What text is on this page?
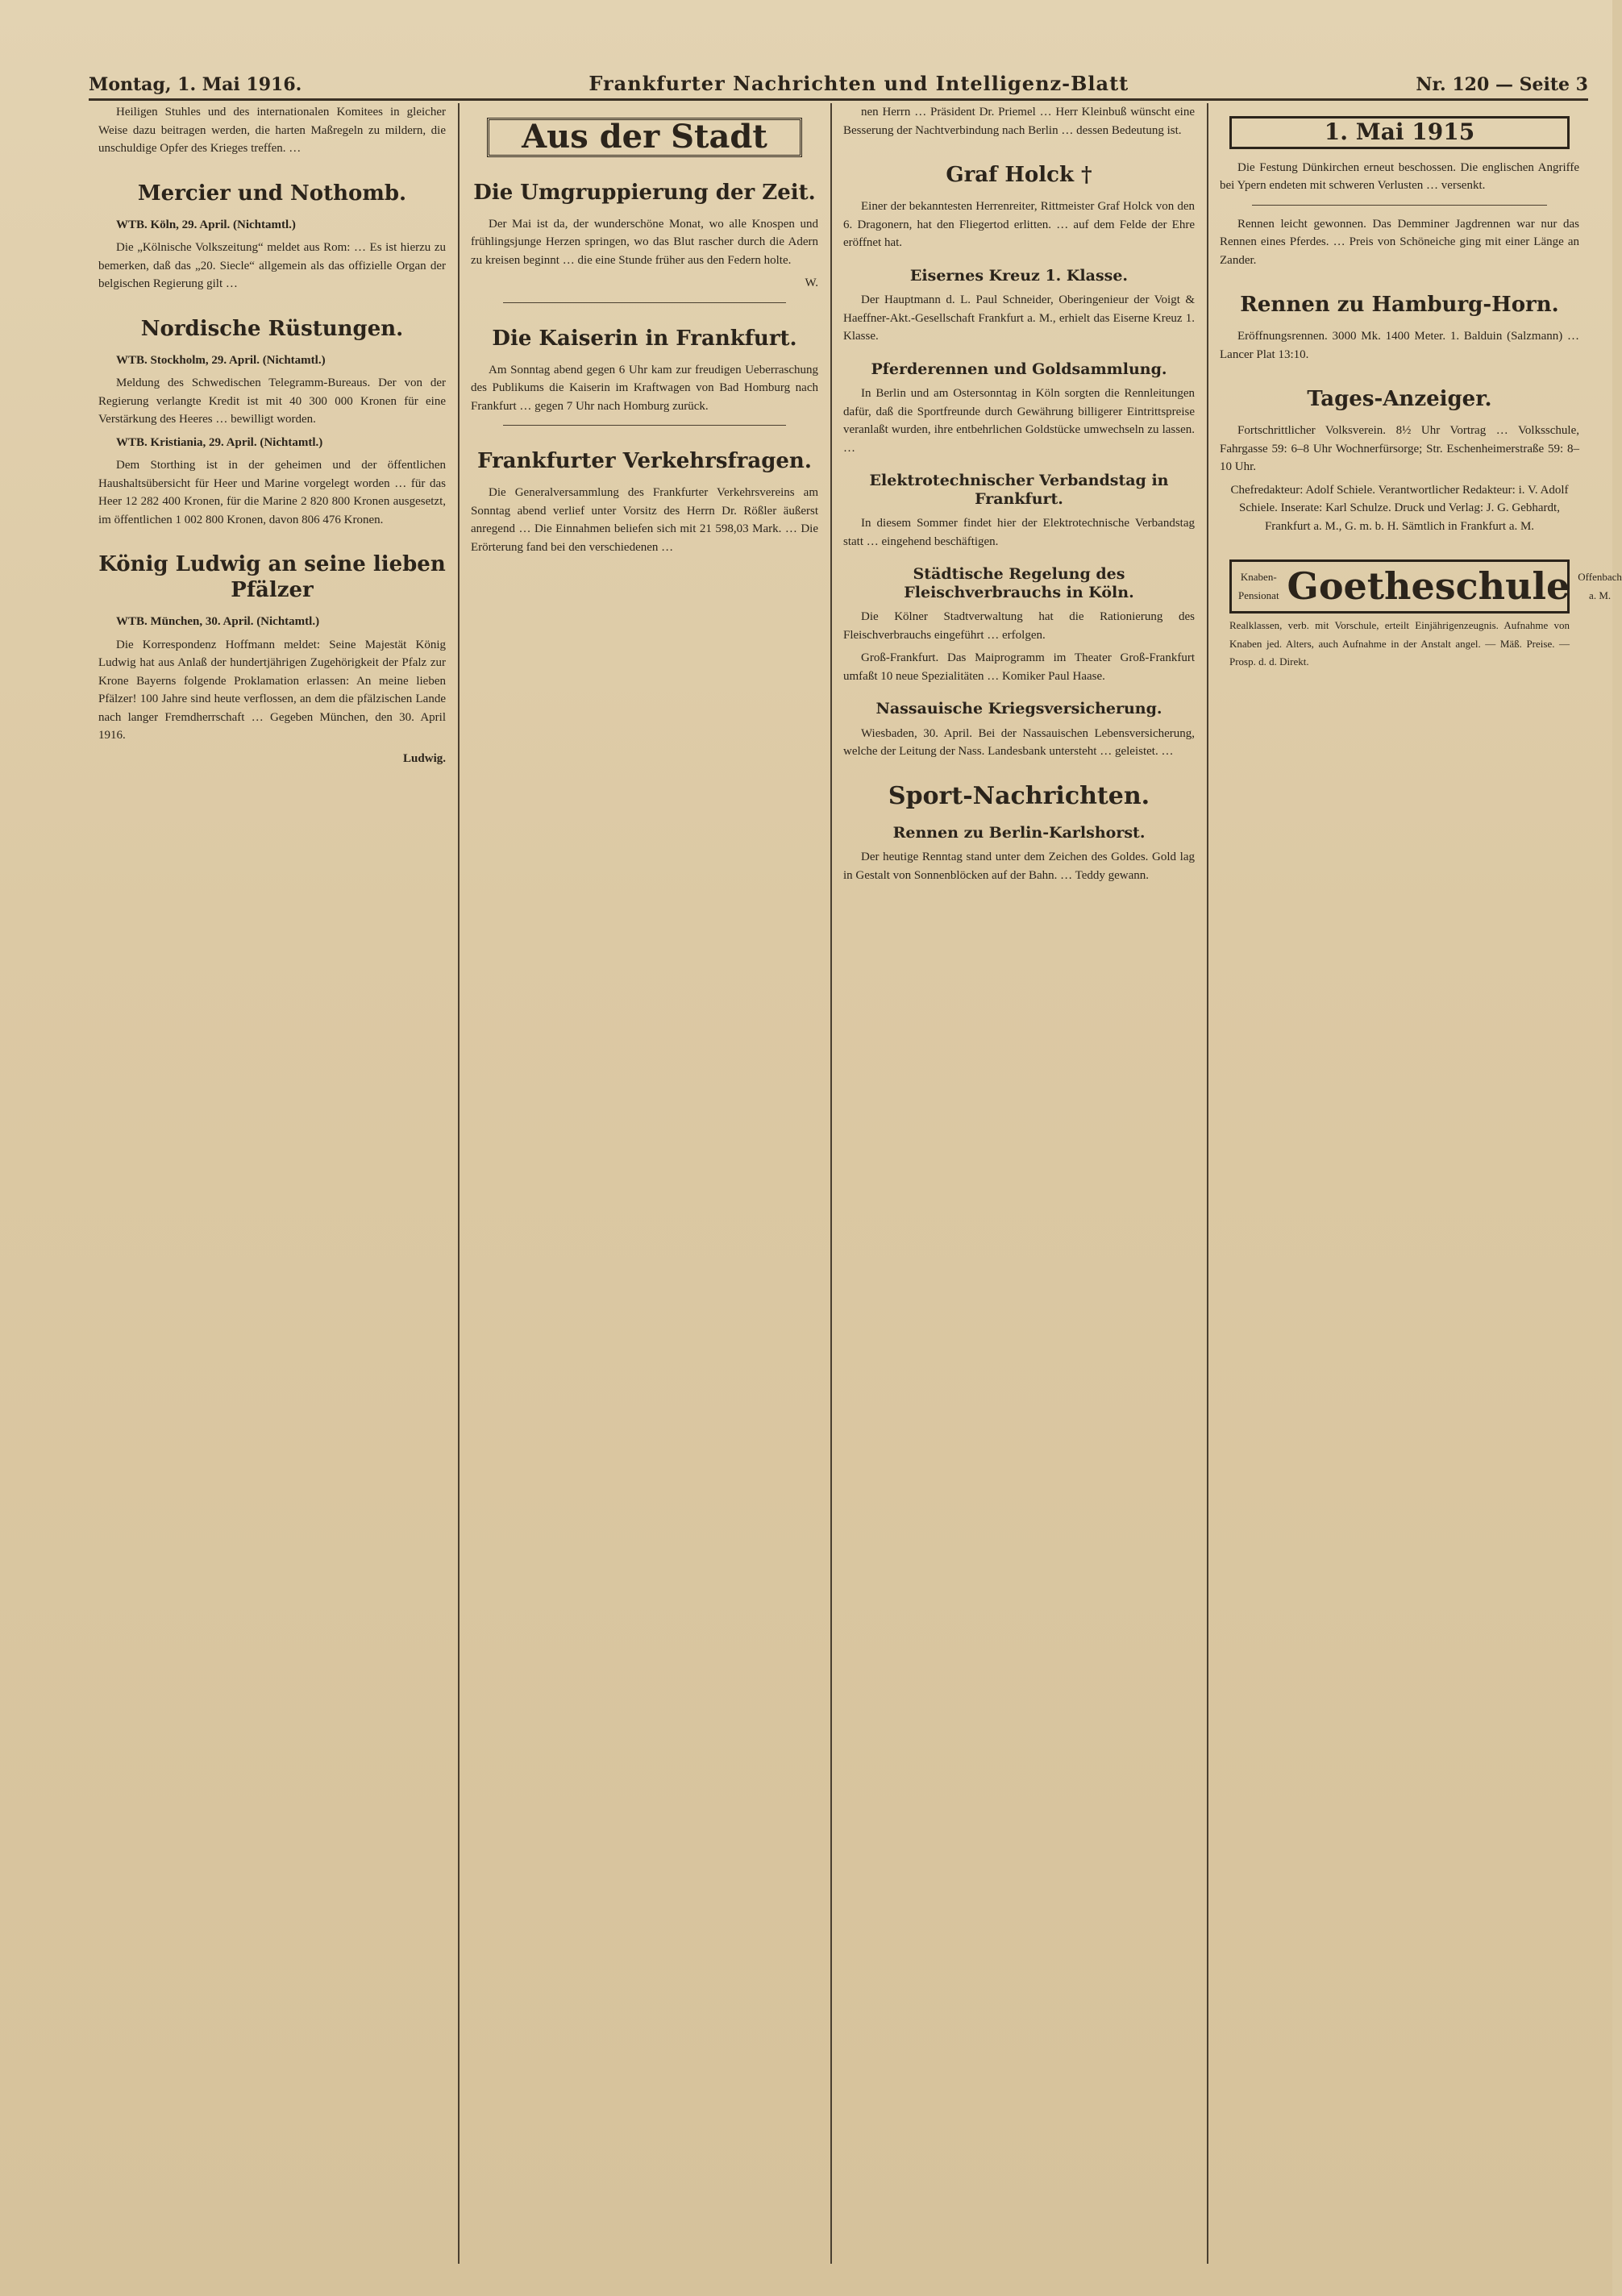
Montag, 1. Mai 1916.	Frankfurter Nachrichten und Intelligenz-Blatt	Nr. 120 — Seite 3

Heiligen Stuhles und des internationalen Komitees in gleicher Weise dazu beitragen werden, die harten Maßregeln zu mildern, die unschuldige Opfer des Krieges treffen. …

Mercier und Nothomb.

WTB. Köln, 29. April. (Nichtamtl.)

Die „Kölnische Volkszeitung“ meldet aus Rom: … Es ist hierzu zu bemerken, daß das „20. Siecle“ allgemein als das offizielle Organ der belgischen Regierung gilt …

Nordische Rüstungen.

WTB. Stockholm, 29. April. (Nichtamtl.)

Meldung des Schwedischen Telegramm-Bureaus. Der von der Regierung verlangte Kredit ist mit 40 300 000 Kronen für eine Verstärkung des Heeres … bewilligt worden.

WTB. Kristiania, 29. April. (Nichtamtl.)

Dem Storthing ist in der geheimen und der öffentlichen Haushaltsübersicht für Heer und Marine vorgelegt worden … für das Heer 12 282 400 Kronen, für die Marine 2 820 800 Kronen ausgesetzt, im öffentlichen 1 002 800 Kronen, davon 806 476 Kronen.

König Ludwig an seine lieben Pfälzer

WTB. München, 30. April. (Nichtamtl.)

Die Korrespondenz Hoffmann meldet: Seine Majestät König Ludwig hat aus Anlaß der hundertjährigen Zugehörigkeit der Pfalz zur Krone Bayerns folgende Proklamation erlassen: An meine lieben Pfälzer! 100 Jahre sind heute verflossen, an dem die pfälzischen Lande nach langer Fremdherrschaft … Gegeben München, den 30. April 1916.

Ludwig.

Aus der Stadt
Die Umgruppierung der Zeit.

Der Mai ist da, der wunderschöne Monat, wo alle Knospen und frühlingsjunge Herzen springen, wo das Blut rascher durch die Adern zu kreisen beginnt … die eine Stunde früher aus den Federn holte.

W.

Die Kaiserin in Frankfurt.

Am Sonntag abend gegen 6 Uhr kam zur freudigen Ueberraschung des Publikums die Kaiserin im Kraftwagen von Bad Homburg nach Frankfurt … gegen 7 Uhr nach Homburg zurück.

Frankfurter Verkehrsfragen.

Die Generalversammlung des Frankfurter Verkehrsvereins am Sonntag abend verlief unter Vorsitz des Herrn Dr. Rößler äußerst anregend … Die Einnahmen beliefen sich mit 21 598,03 Mark. … Die Erörterung fand bei den verschiedenen …

nen Herrn … Präsident Dr. Priemel … Herr Kleinbuß wünscht eine Besserung der Nachtverbindung nach Berlin … dessen Bedeutung ist.

Graf Holck †

Einer der bekanntesten Herrenreiter, Rittmeister Graf Holck von den 6. Dragonern, hat den Fliegertod erlitten. … auf dem Felde der Ehre eröffnet hat.

Eisernes Kreuz 1. Klasse.

Der Hauptmann d. L. Paul Schneider, Oberingenieur der Voigt & Haeffner-Akt.-Gesellschaft Frankfurt a. M., erhielt das Eiserne Kreuz 1. Klasse.

Pferderennen und Goldsammlung.

In Berlin und am Ostersonntag in Köln sorgten die Rennleitungen dafür, daß die Sportfreunde durch Gewährung billigerer Eintrittspreise veranlaßt wurden, ihre entbehrlichen Goldstücke umwechseln zu lassen. …

Elektrotechnischer Verbandstag in Frankfurt.

In diesem Sommer findet hier der Elektrotechnische Verbandstag statt … eingehend beschäftigen.

Städtische Regelung des Fleischverbrauchs in Köln.

Die Kölner Stadtverwaltung hat die Rationierung des Fleischverbrauchs eingeführt … erfolgen.

Groß-Frankfurt. Das Maiprogramm im Theater Groß-Frankfurt umfaßt 10 neue Spezialitäten … Komiker Paul Haase.

Nassauische Kriegsversicherung.

Wiesbaden, 30. April. Bei der Nassauischen Lebensversicherung, welche der Leitung der Nass. Landesbank untersteht … geleistet. …

Sport-Nachrichten.
Rennen zu Berlin-Karlshorst.

Der heutige Renntag stand unter dem Zeichen des Goldes. Gold lag in Gestalt von Sonnenblöcken auf der Bahn. … Teddy gewann.

1. Mai 1915

Die Festung Dünkirchen erneut beschossen. Die englischen Angriffe bei Ypern endeten mit schweren Verlusten … versenkt.

Rennen leicht gewonnen. Das Demminer Jagdrennen war nur das Rennen eines Pferdes. … Preis von Schöneiche ging mit einer Länge an Zander.

Rennen zu Hamburg-Horn.

Eröffnungsrennen. 3000 Mk. 1400 Meter. 1. Balduin (Salzmann) … Lancer Plat 13:10.

Tages-Anzeiger.

Fortschrittlicher Volksverein. 8½ Uhr Vortrag … Volksschule, Fahrgasse 59: 6–8 Uhr Wochnerfürsorge; Str. Eschenheimerstraße 59: 8–10 Uhr.

Chefredakteur: Adolf Schiele. Verantwortlicher Redakteur: i. V. Adolf Schiele. Inserate: Karl Schulze. Druck und Verlag: J. G. Gebhardt, Frankfurt a. M., G. m. b. H. Sämtlich in Frankfurt a. M.

Knaben-Pensionat Goetheschule Offenbach a. M.

Realklassen, verb. mit Vorschule, erteilt Einjährigenzeugnis. Aufnahme von Knaben jed. Alters, auch Aufnahme in der Anstalt angel. — Mäß. Preise. — Prosp. d. d. Direkt.
